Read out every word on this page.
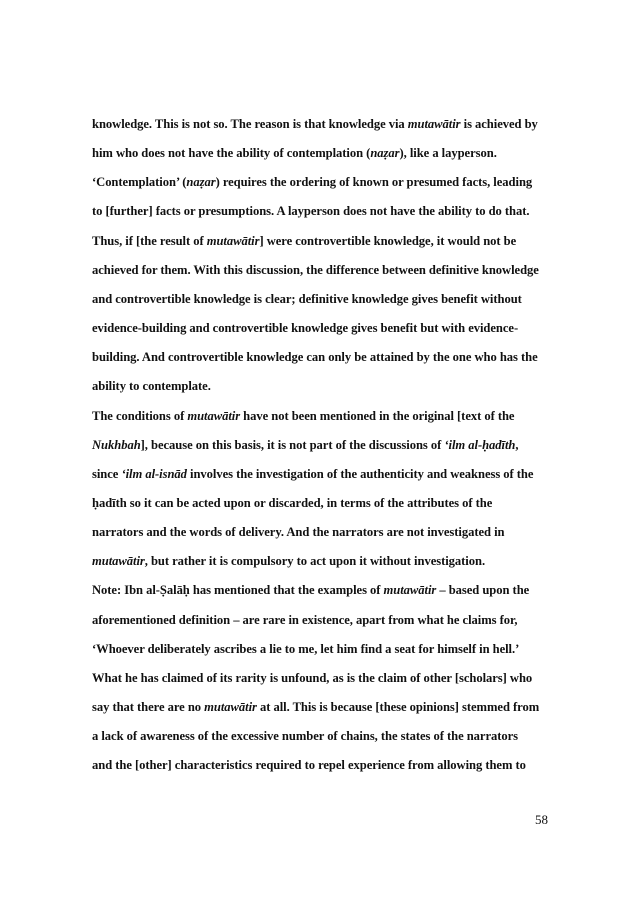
knowledge. This is not so. The reason is that knowledge via mutawātir is achieved by
him who does not have the ability of contemplation (naẓar), like a layperson.
‘Contemplation’ (naẓar) requires the ordering of known or presumed facts, leading
to [further] facts or presumptions. A layperson does not have the ability to do that.
Thus, if [the result of mutawātir] were controvertible knowledge, it would not be
achieved for them. With this discussion, the difference between definitive knowledge
and controvertible knowledge is clear; definitive knowledge gives benefit without
evidence-building and controvertible knowledge gives benefit but with evidence-
building. And controvertible knowledge can only be attained by the one who has the
ability to contemplate.
The conditions of mutawātir have not been mentioned in the original [text of the
Nukhbah], because on this basis, it is not part of the discussions of ‘ilm al-ḥadīth,
since ‘ilm al-isnād involves the investigation of the authenticity and weakness of the
ḥadīth so it can be acted upon or discarded, in terms of the attributes of the
narrators and the words of delivery. And the narrators are not investigated in
mutawātir, but rather it is compulsory to act upon it without investigation.
Note: Ibn al-Ṣalāḥ has mentioned that the examples of mutawātir – based upon the
aforementioned definition – are rare in existence, apart from what he claims for,
‘Whoever deliberately ascribes a lie to me, let him find a seat for himself in hell.’
What he has claimed of its rarity is unfound, as is the claim of other [scholars] who
say that there are no mutawātir at all. This is because [these opinions] stemmed from
a lack of awareness of the excessive number of chains, the states of the narrators
and the [other] characteristics required to repel experience from allowing them to
58
